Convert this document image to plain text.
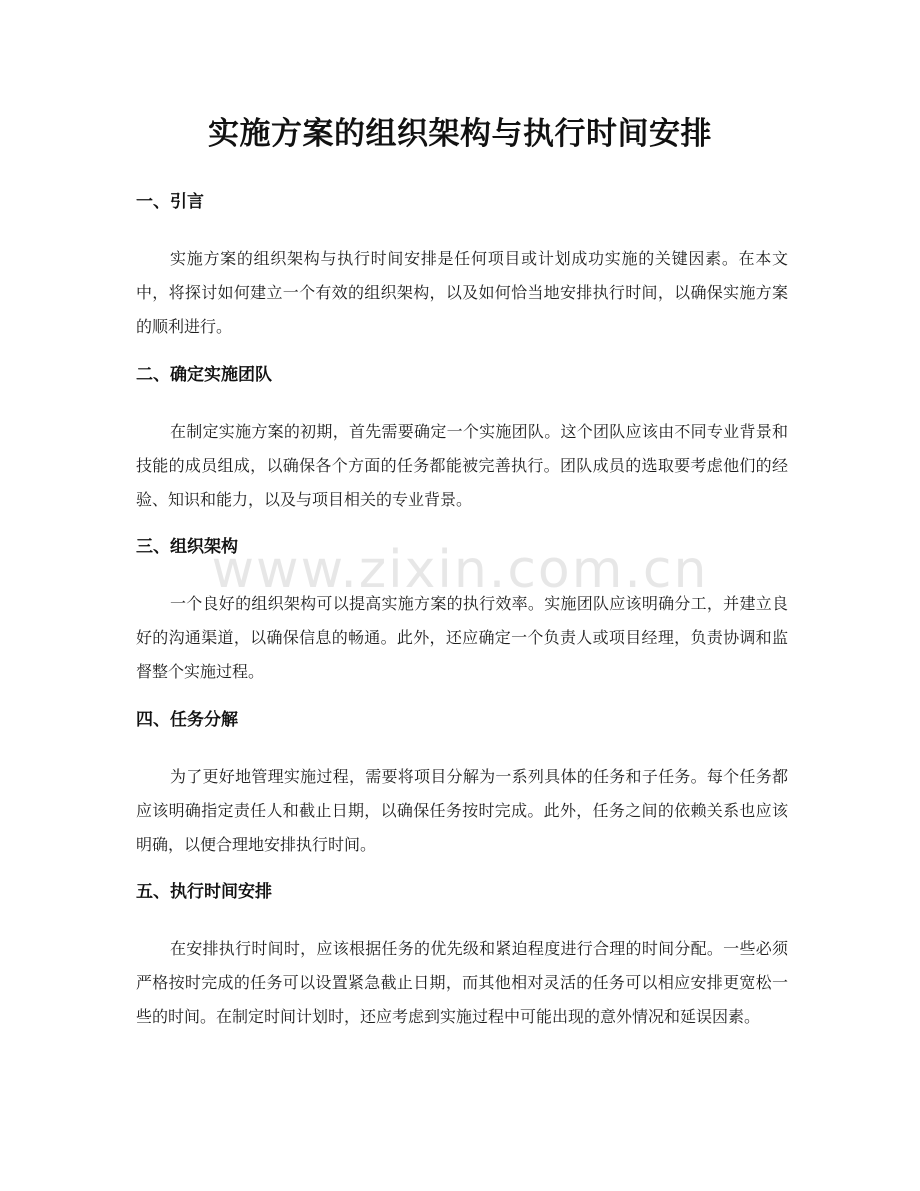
实施方案的组织架构与执行时间安排
www.zixin.com.cn
一、引言

实施方案的组织架构与执行时间安排是任何项目或计划成功实施的关键因素。在本文中，将探讨如何建立一个有效的组织架构，以及如何恰当地安排执行时间，以确保实施方案的顺利进行。

二、确定实施团队

在制定实施方案的初期，首先需要确定一个实施团队。这个团队应该由不同专业背景和技能的成员组成，以确保各个方面的任务都能被完善执行。团队成员的选取要考虑他们的经验、知识和能力，以及与项目相关的专业背景。

三、组织架构

一个良好的组织架构可以提高实施方案的执行效率。实施团队应该明确分工，并建立良好的沟通渠道，以确保信息的畅通。此外，还应确定一个负责人或项目经理，负责协调和监督整个实施过程。

四、任务分解

为了更好地管理实施过程，需要将项目分解为一系列具体的任务和子任务。每个任务都应该明确指定责任人和截止日期，以确保任务按时完成。此外，任务之间的依赖关系也应该明确，以便合理地安排执行时间。

五、执行时间安排

在安排执行时间时，应该根据任务的优先级和紧迫程度进行合理的时间分配。一些必须严格按时完成的任务可以设置紧急截止日期，而其他相对灵活的任务可以相应安排更宽松一些的时间。在制定时间计划时，还应考虑到实施过程中可能出现的意外情况和延误因素。
